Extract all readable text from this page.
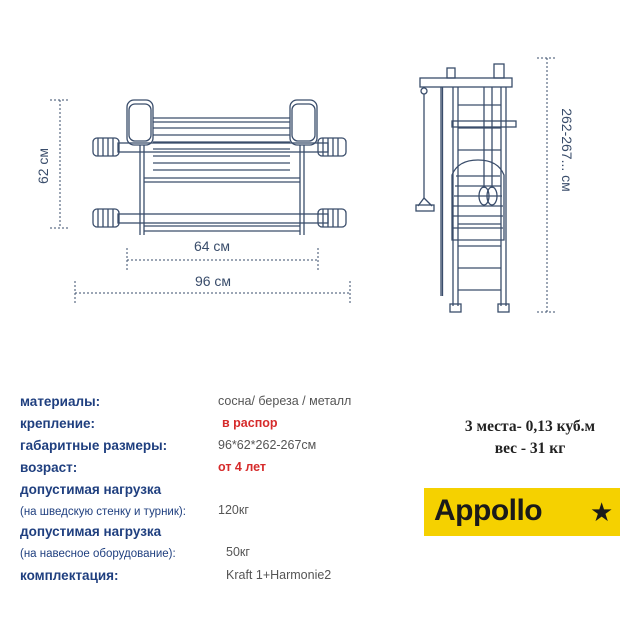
62 см
64 см
96 см
262-267... см
материалы:	сосна/ береза / металл
крепление:	в распор
габаритные размеры:	96*62*262-267см
возраст:	от 4 лет
допустимая нагрузка
(на шведскую стенку и турник):	120кг
допустимая нагрузка
(на навесное оборудование):	50кг
комплектация:	Kraft 1+Harmonie2
3 места- 0,13 куб.м
вес - 31 кг
Appollo ★
